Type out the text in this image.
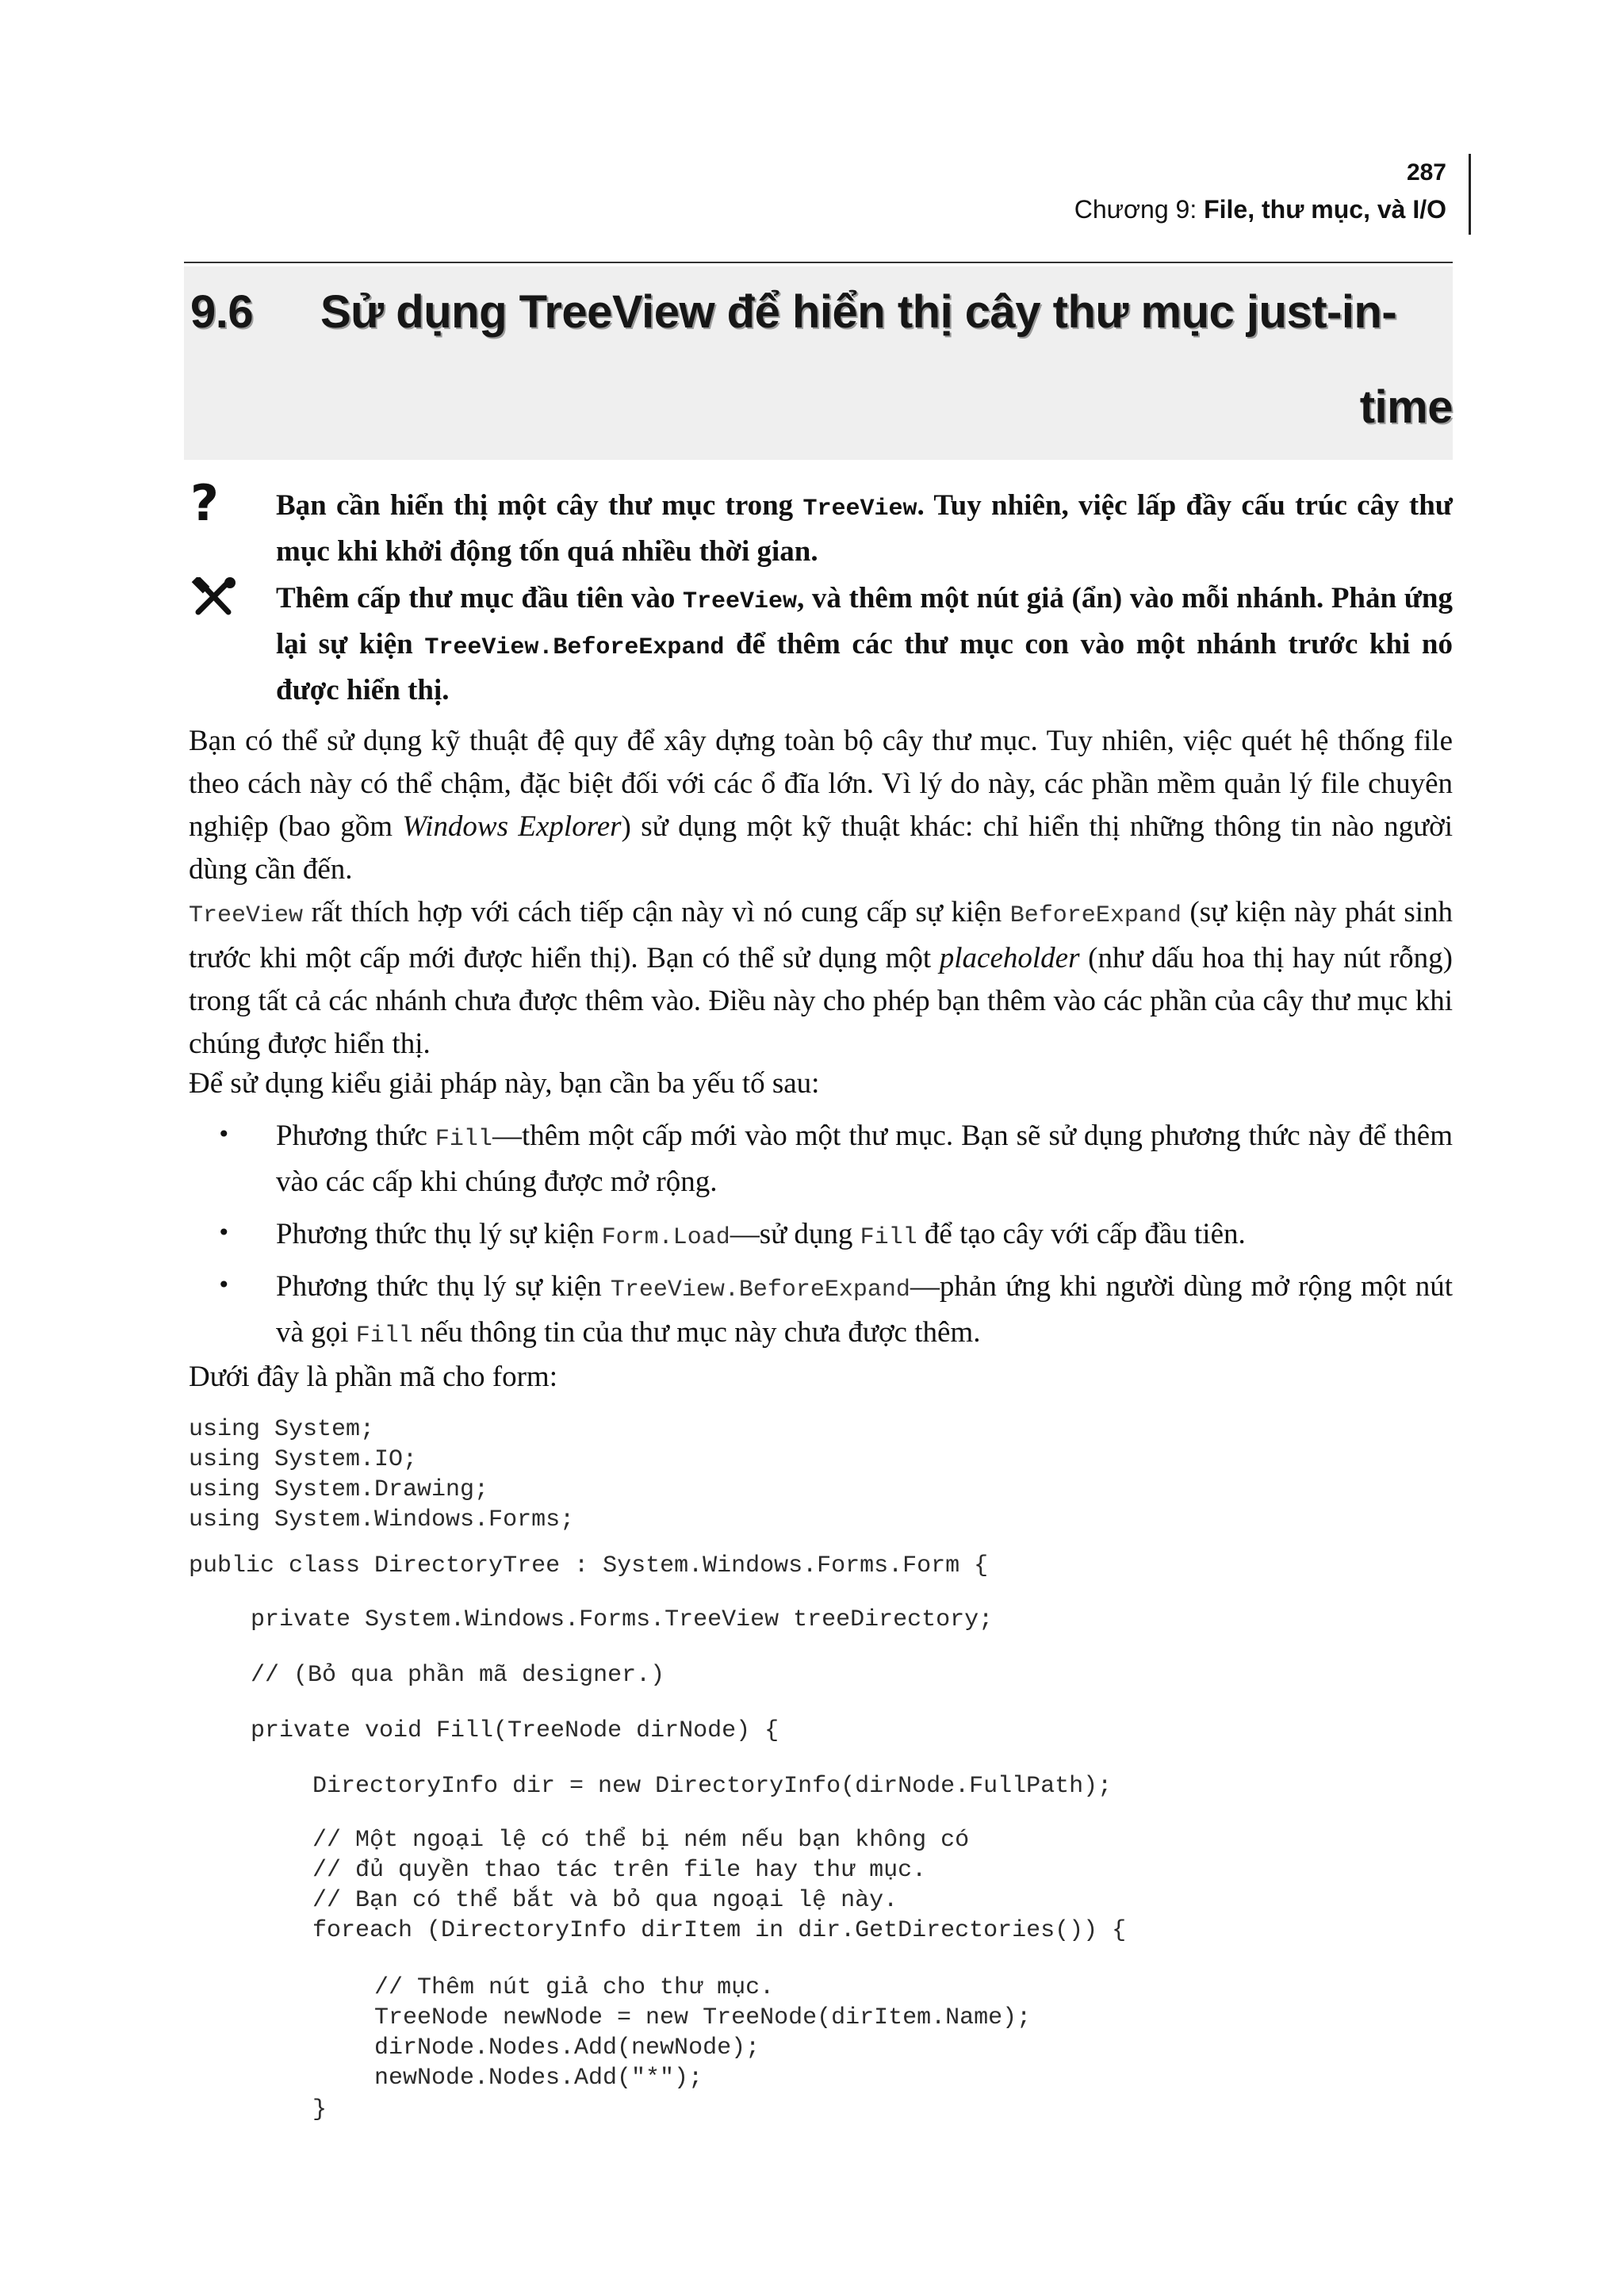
287
Chương 9: File, thư mục, và I/O
9.6 Sử dụng TreeView để hiển thị cây thư mục just-in-
time
? Bạn cần hiển thị một cây thư mục trong TreeView. Tuy nhiên, việc lấp đầy cấu trúc cây thư mục khi khởi động tốn quá nhiều thời gian.
Thêm cấp thư mục đầu tiên vào TreeView, và thêm một nút giả (ẩn) vào mỗi nhánh. Phản ứng lại sự kiện TreeView.BeforeExpand để thêm các thư mục con vào một nhánh trước khi nó được hiển thị.
Bạn có thể sử dụng kỹ thuật đệ quy để xây dựng toàn bộ cây thư mục. Tuy nhiên, việc quét hệ thống file theo cách này có thể chậm, đặc biệt đối với các ổ đĩa lớn. Vì lý do này, các phần mềm quản lý file chuyên nghiệp (bao gồm Windows Explorer) sử dụng một kỹ thuật khác: chỉ hiển thị những thông tin nào người dùng cần đến.
TreeView rất thích hợp với cách tiếp cận này vì nó cung cấp sự kiện BeforeExpand (sự kiện này phát sinh trước khi một cấp mới được hiển thị). Bạn có thể sử dụng một placeholder (như dấu hoa thị hay nút rỗng) trong tất cả các nhánh chưa được thêm vào. Điều này cho phép bạn thêm vào các phần của cây thư mục khi chúng được hiển thị.
Để sử dụng kiểu giải pháp này, bạn cần ba yếu tố sau:
• Phương thức Fill—thêm một cấp mới vào một thư mục. Bạn sẽ sử dụng phương thức này để thêm vào các cấp khi chúng được mở rộng.
• Phương thức thụ lý sự kiện Form.Load—sử dụng Fill để tạo cây với cấp đầu tiên.
• Phương thức thụ lý sự kiện TreeView.BeforeExpand—phản ứng khi người dùng mở rộng một nút và gọi Fill nếu thông tin của thư mục này chưa được thêm.
Dưới đây là phần mã cho form:
using System;
using System.IO;
using System.Drawing;
using System.Windows.Forms;
public class DirectoryTree : System.Windows.Forms.Form {
private System.Windows.Forms.TreeView treeDirectory;
// (Bỏ qua phần mã designer.)
private void Fill(TreeNode dirNode) {
DirectoryInfo dir = new DirectoryInfo(dirNode.FullPath);
// Một ngoại lệ có thể bị ném nếu bạn không có
// đủ quyền thao tác trên file hay thư mục.
// Bạn có thể bắt và bỏ qua ngoại lệ này.
foreach (DirectoryInfo dirItem in dir.GetDirectories()) {
// Thêm nút giả cho thư mục.
TreeNode newNode = new TreeNode(dirItem.Name);
dirNode.Nodes.Add(newNode);
newNode.Nodes.Add("*");
}
